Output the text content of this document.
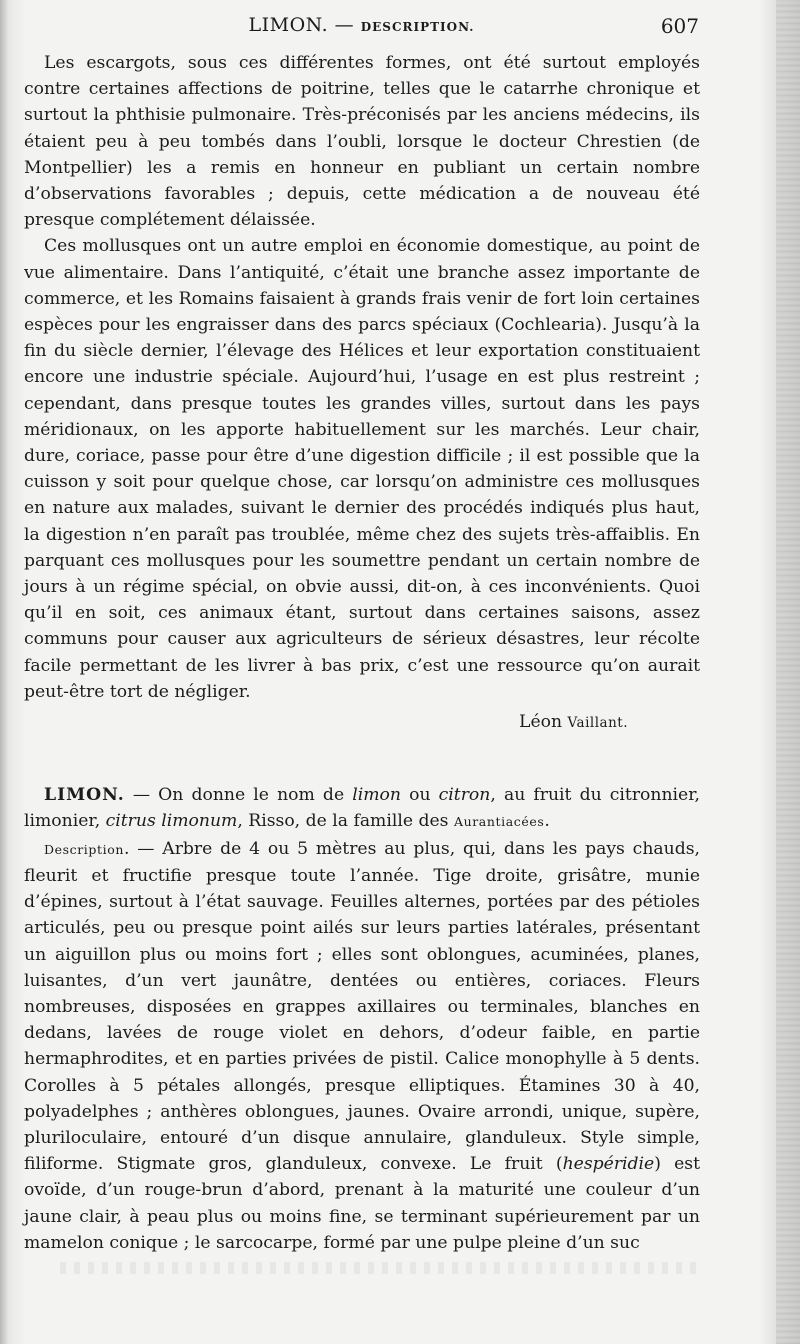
LIMON. — DESCRIPTION.	607

Les escargots, sous ces différentes formes, ont été surtout employés contre certaines affections de poitrine, telles que le catarrhe chronique et surtout la phthisie pulmonaire. Très-préconisés par les anciens médecins, ils étaient peu à peu tombés dans l’oubli, lorsque le docteur Chrestien (de Montpellier) les a remis en honneur en publiant un certain nombre d’observations favorables ; depuis, cette médication a de nouveau été presque complétement délaissée.

Ces mollusques ont un autre emploi en économie domestique, au point de vue alimentaire. Dans l’antiquité, c’était une branche assez importante de commerce, et les Romains faisaient à grands frais venir de fort loin certaines espèces pour les engraisser dans des parcs spéciaux (Cochlearia). Jusqu’à la fin du siècle dernier, l’élevage des Hélices et leur exportation constituaient encore une industrie spéciale. Aujourd’hui, l’usage en est plus restreint ; cependant, dans presque toutes les grandes villes, surtout dans les pays méridionaux, on les apporte habituellement sur les marchés. Leur chair, dure, coriace, passe pour être d’une digestion difficile ; il est possible que la cuisson y soit pour quelque chose, car lorsqu’on administre ces mollusques en nature aux malades, suivant le dernier des procédés indiqués plus haut, la digestion n’en paraît pas troublée, même chez des sujets très-affaiblis. En parquant ces mollusques pour les soumettre pendant un certain nombre de jours à un régime spécial, on obvie aussi, dit-on, à ces inconvénients. Quoi qu’il en soit, ces animaux étant, surtout dans certaines saisons, assez communs pour causer aux agriculteurs de sérieux désastres, leur récolte facile permettant de les livrer à bas prix, c’est une ressource qu’on aurait peut-être tort de négliger.

Léon Vaillant.

LIMON. — On donne le nom de limon ou citron, au fruit du citronnier, limonier, citrus limonum, Risso, de la famille des Aurantiacées.

Description. — Arbre de 4 ou 5 mètres au plus, qui, dans les pays chauds, fleurit et fructifie presque toute l’année. Tige droite, grisâtre, munie d’épines, surtout à l’état sauvage. Feuilles alternes, portées par des pétioles articulés, peu ou presque point ailés sur leurs parties latérales, présentant un aiguillon plus ou moins fort ; elles sont oblongues, acuminées, planes, luisantes, d’un vert jaunâtre, dentées ou entières, coriaces. Fleurs nombreuses, disposées en grappes axillaires ou terminales, blanches en dedans, lavées de rouge violet en dehors, d’odeur faible, en partie hermaphrodites, et en parties privées de pistil. Calice monophylle à 5 dents. Corolles à 5 pétales allongés, presque elliptiques. Étamines 30 à 40, polyadelphes ; anthères oblongues, jaunes. Ovaire arrondi, unique, supère, pluriloculaire, entouré d’un disque annulaire, glanduleux. Style simple, filiforme. Stigmate gros, glanduleux, convexe. Le fruit (hespéridie) est ovoïde, d’un rouge-brun d’abord, prenant à la maturité une couleur d’un jaune clair, à peau plus ou moins fine, se terminant supérieurement par un mamelon conique ; le sarcocarpe, formé par une pulpe pleine d’un suc
